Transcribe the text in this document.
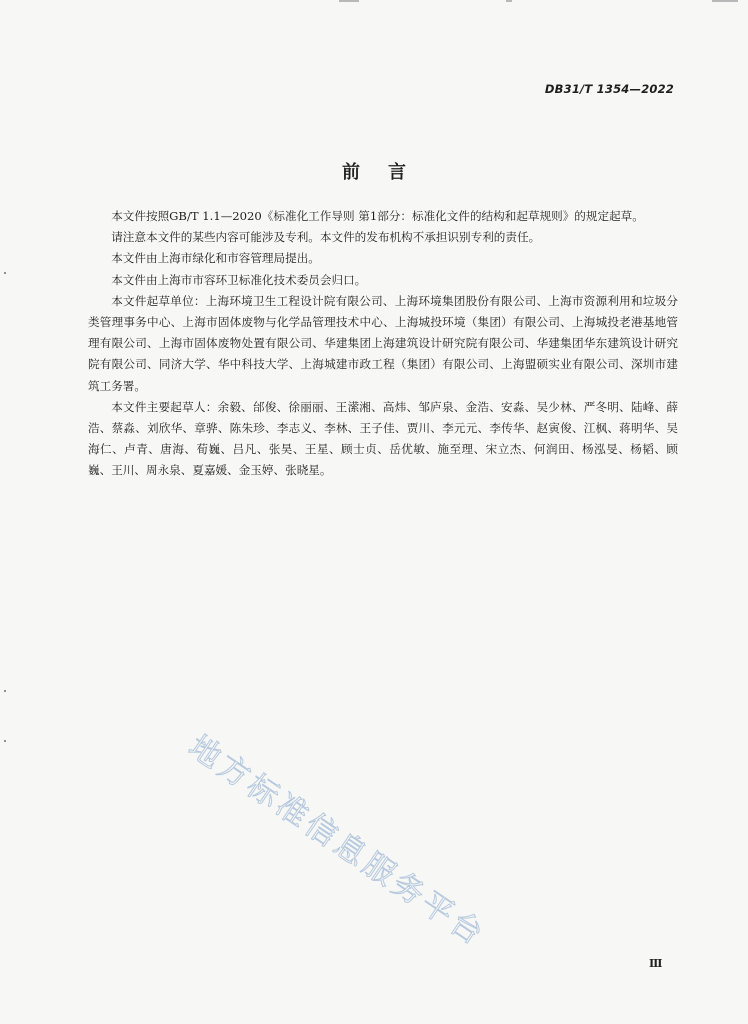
DB31/T 1354—2022
前言

本文件按照GB/T 1.1—2020《标准化工作导则 第1部分：标准化文件的结构和起草规则》的规定起草。

请注意本文件的某些内容可能涉及专利。本文件的发布机构不承担识别专利的责任。

本文件由上海市绿化和市容管理局提出。

本文件由上海市市容环卫标准化技术委员会归口。

本文件起草单位：上海环境卫生工程设计院有限公司、上海环境集团股份有限公司、上海市资源利用和垃圾分类管理事务中心、上海市固体废物与化学品管理技术中心、上海城投环境（集团）有限公司、上海城投老港基地管理有限公司、上海市固体废物处置有限公司、华建集团上海建筑设计研究院有限公司、华建集团华东建筑设计研究院有限公司、同济大学、华中科技大学、上海城建市政工程（集团）有限公司、上海盟硕实业有限公司、深圳市建筑工务署。

本文件主要起草人：余毅、邰俊、徐丽丽、王潆湘、高炜、邹庐泉、金浩、安淼、吴少林、严冬明、陆峰、薛浩、蔡淼、刘欣华、章骅、陈朱珍、李志义、李林、王子佳、贾川、李元元、李传华、赵寅俊、江枫、蒋明华、吴海仁、卢青、唐海、荀巍、吕凡、张昊、王星、顾士贞、岳优敏、施至理、宋立杰、何润田、杨泓旻、杨韬、顾巍、王川、周永泉、夏嘉媛、金玉婷、张晓星。

地方标准信息服务平台
Ⅲ
